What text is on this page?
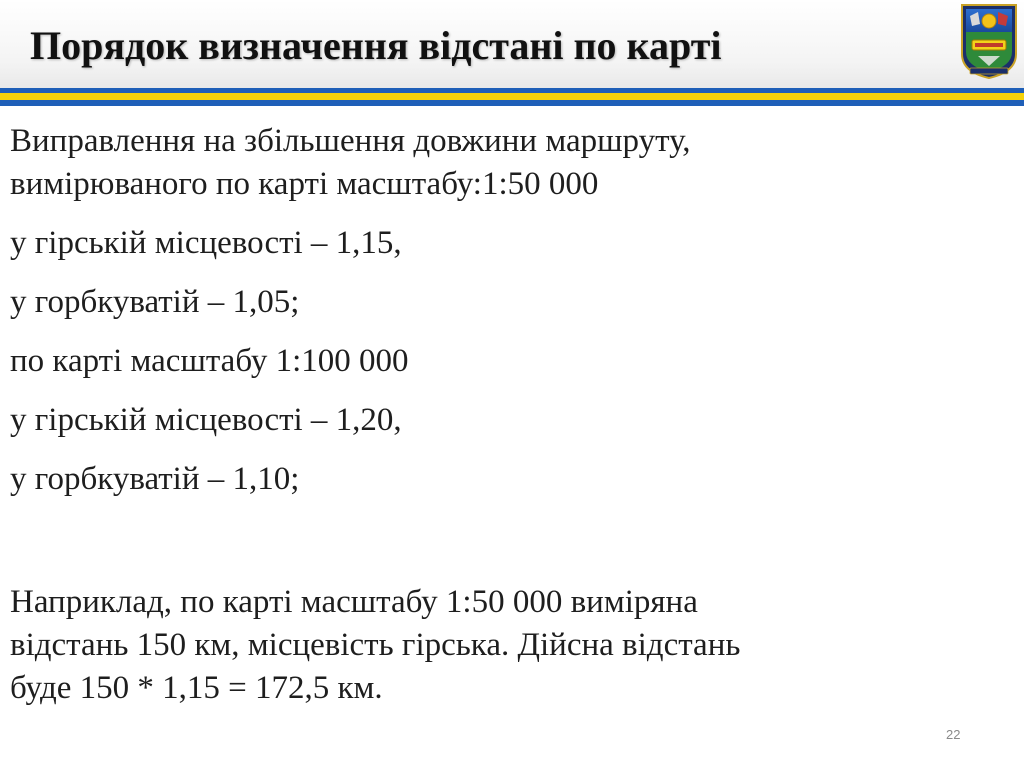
Порядок визначення відстані по карті

Виправлення на збільшення довжини маршруту,

вимірюваного по карті масштабу:1:50 000

у гірській місцевості – 1,15,

у горбкуватій – 1,05;

по карті масштабу 1:100 000

у гірській місцевості – 1,20,

у горбкуватій – 1,10;

Наприклад, по карті масштабу 1:50 000 виміряна

відстань 150 км, місцевість гірська. Дійсна відстань

буде 150 * 1,15 = 172,5 км.

22
